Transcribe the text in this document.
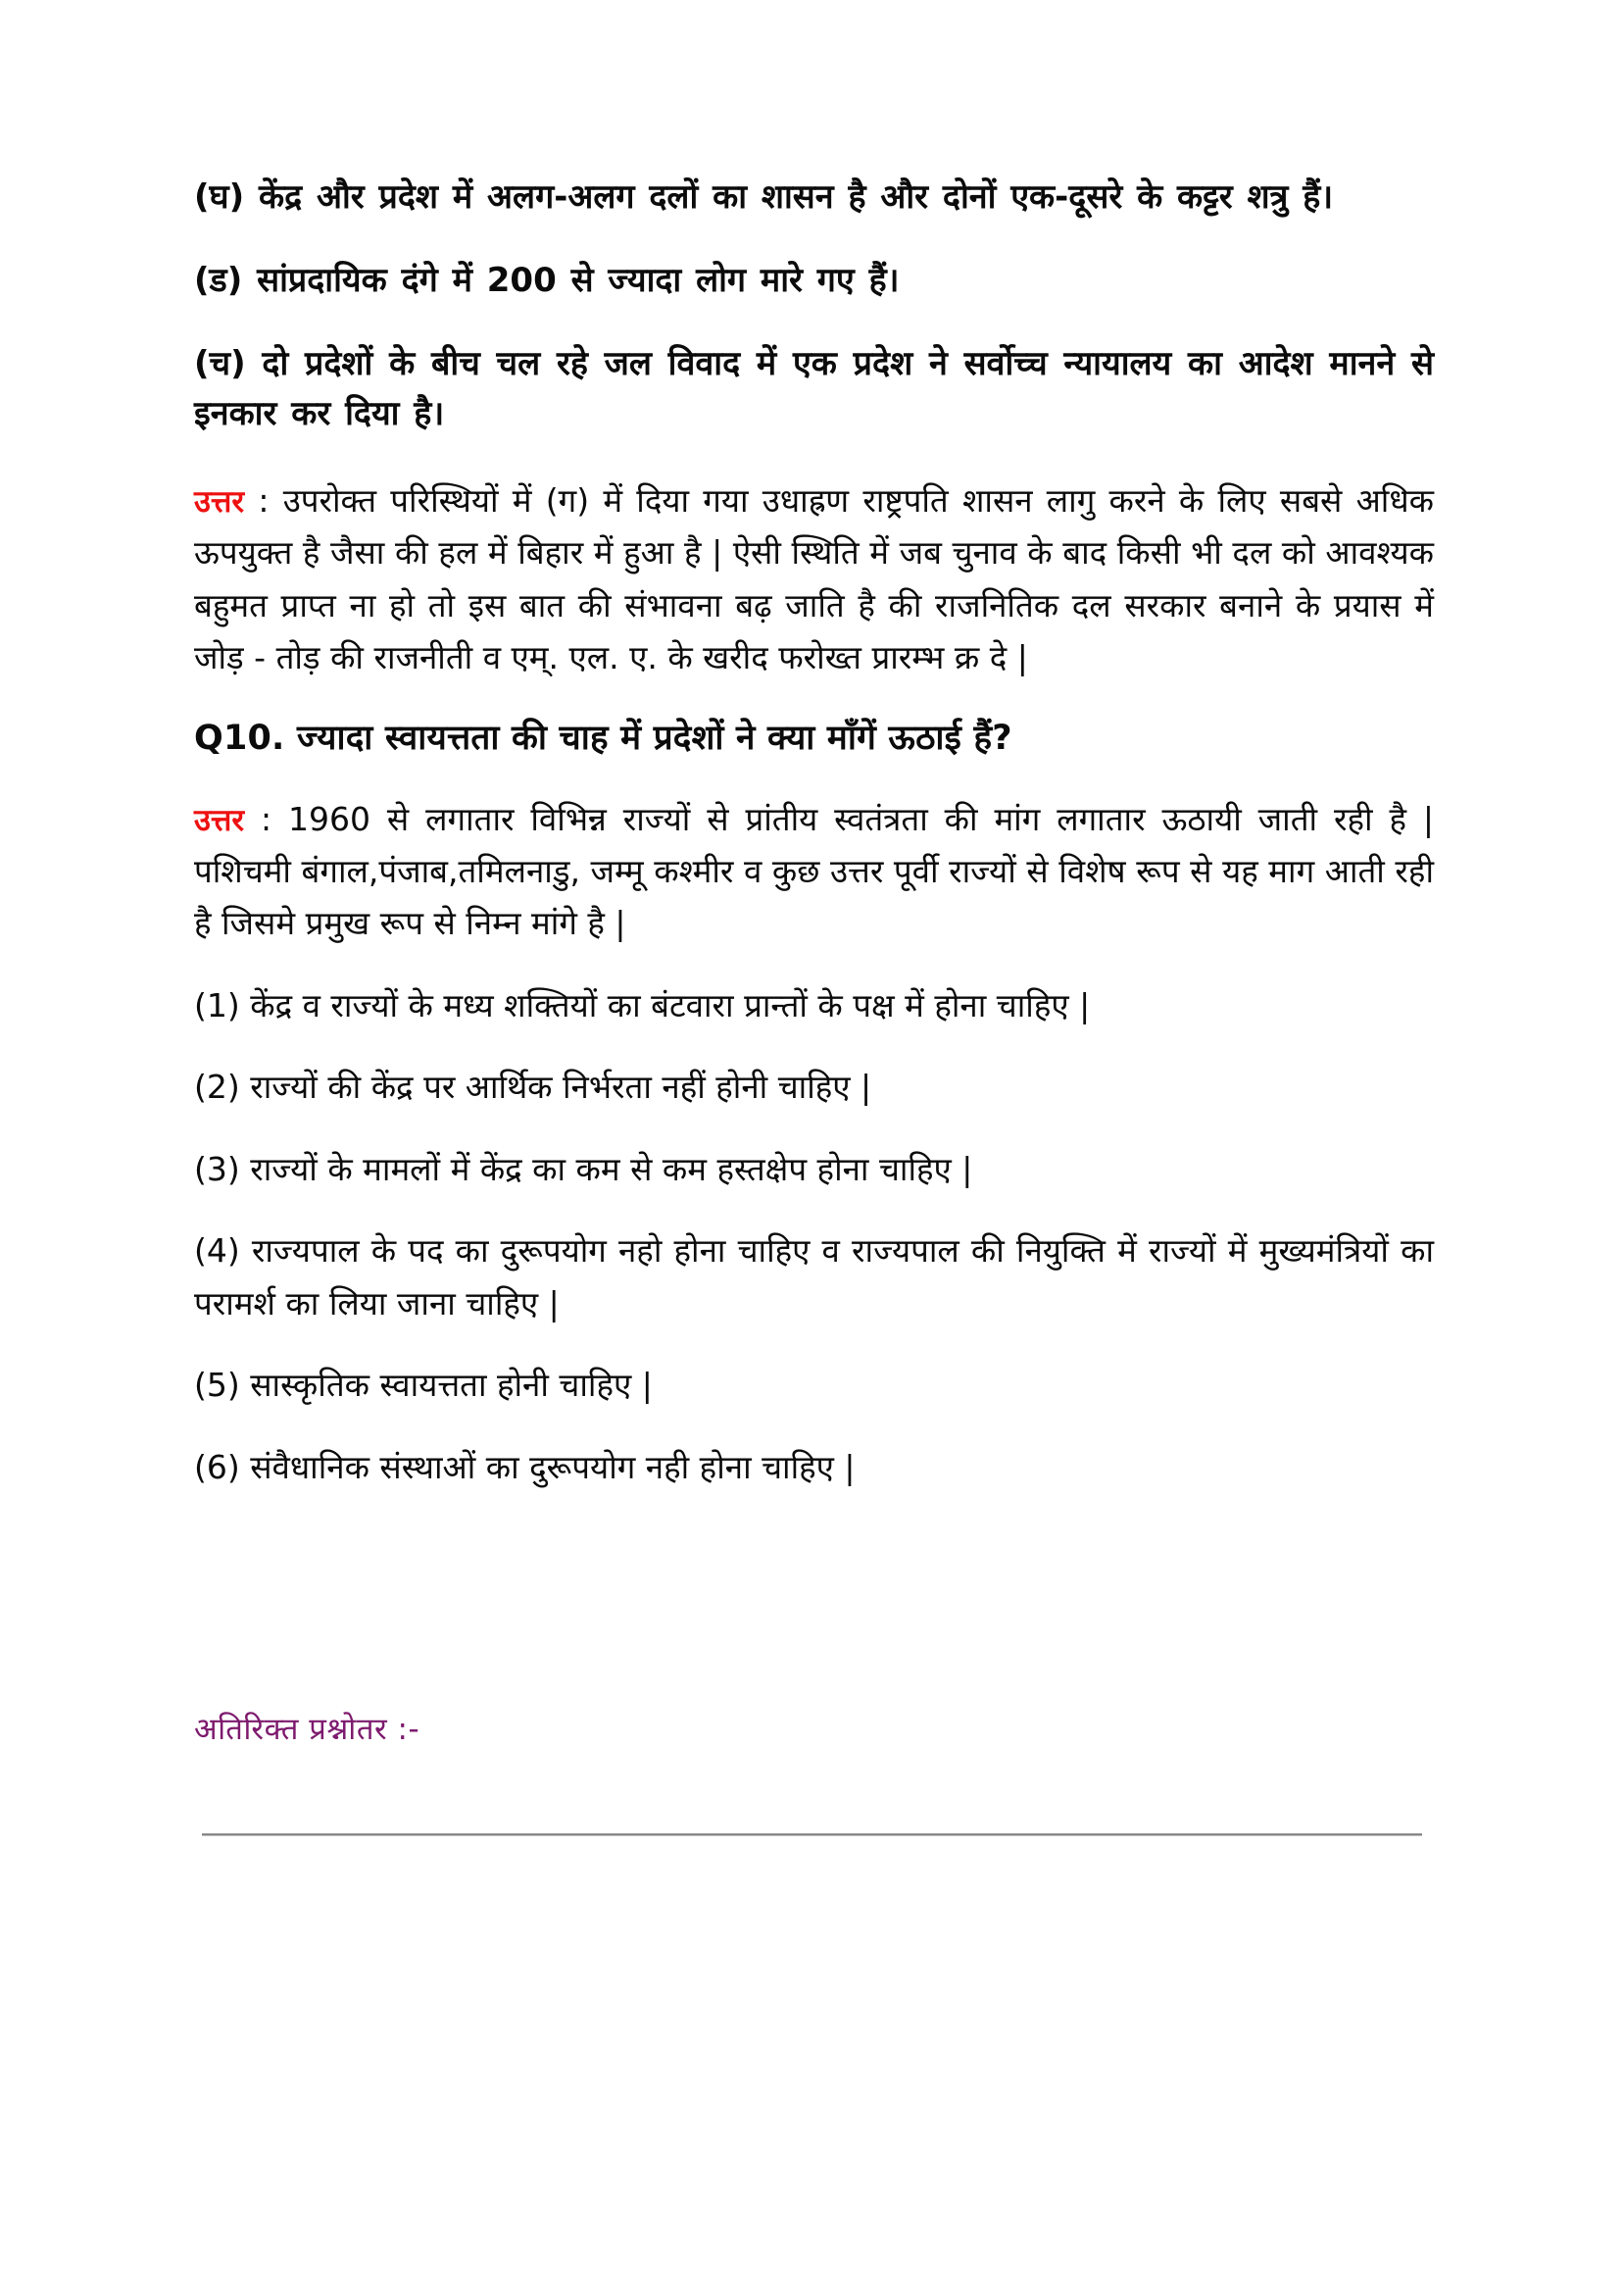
(घ) केंद्र और प्रदेश में अलग-अलग दलों का शासन है और दोनों एक-दूसरे के कट्टर शत्रु हैं।

(ड) सांप्रदायिक दंगे में 200 से ज्यादा लोग मारे गए हैं।

(च) दो प्रदेशों के बीच चल रहे जल विवाद में एक प्रदेश ने सर्वोच्च न्यायालय का आदेश मानने से इनकार कर दिया है।

उत्तर : उपरोक्त परिस्थियों में (ग) में दिया गया उधाह्रण राष्ट्रपति शासन लागु करने के लिए सबसे अधिक ऊपयुक्त है जैसा की हल में बिहार में हुआ है | ऐसी स्थिति में जब चुनाव के बाद किसी भी दल को आवश्यक बहुमत प्राप्त ना हो तो इस बात की संभावना बढ़ जाति है की राजनितिक दल सरकार बनाने के प्रयास में जोड़ - तोड़ की राजनीती व एम्. एल. ए. के खरीद फरोख्त प्रारम्भ क्र दे |

Q10. ज्यादा स्वायत्तता की चाह में प्रदेशों ने क्या माँगें ऊठाई हैं?

उत्तर : 1960 से लगातार विभिन्न राज्यों से प्रांतीय स्वतंत्रता की मांग लगातार ऊठायी जाती रही है | पशिचमी बंगाल,पंजाब,तमिलनाडु, जम्मू कश्मीर व कुछ उत्तर पूर्वी राज्यों से विशेष रूप से यह माग आती रही है जिसमे प्रमुख रूप से निम्न मांगे है |

(1) केंद्र व राज्यों के मध्य शक्तियों का बंटवारा प्रान्तों के पक्ष में होना चाहिए |

(2) राज्यों की केंद्र पर आर्थिक निर्भरता नहीं होनी चाहिए |

(3) राज्यों के मामलों में केंद्र का कम से कम हस्तक्षेप होना चाहिए |

(4) राज्यपाल के पद का दुरूपयोग नहो होना चाहिए व राज्यपाल की नियुक्ति में राज्यों में मुख्यमंत्रियों का परामर्श का लिया जाना चाहिए |

(5) सास्कृतिक स्वायत्तता होनी चाहिए |

(6) संवैधानिक संस्थाओं का दुरूपयोग नही होना चाहिए |

अतिरिक्त प्रश्नोतर :-
